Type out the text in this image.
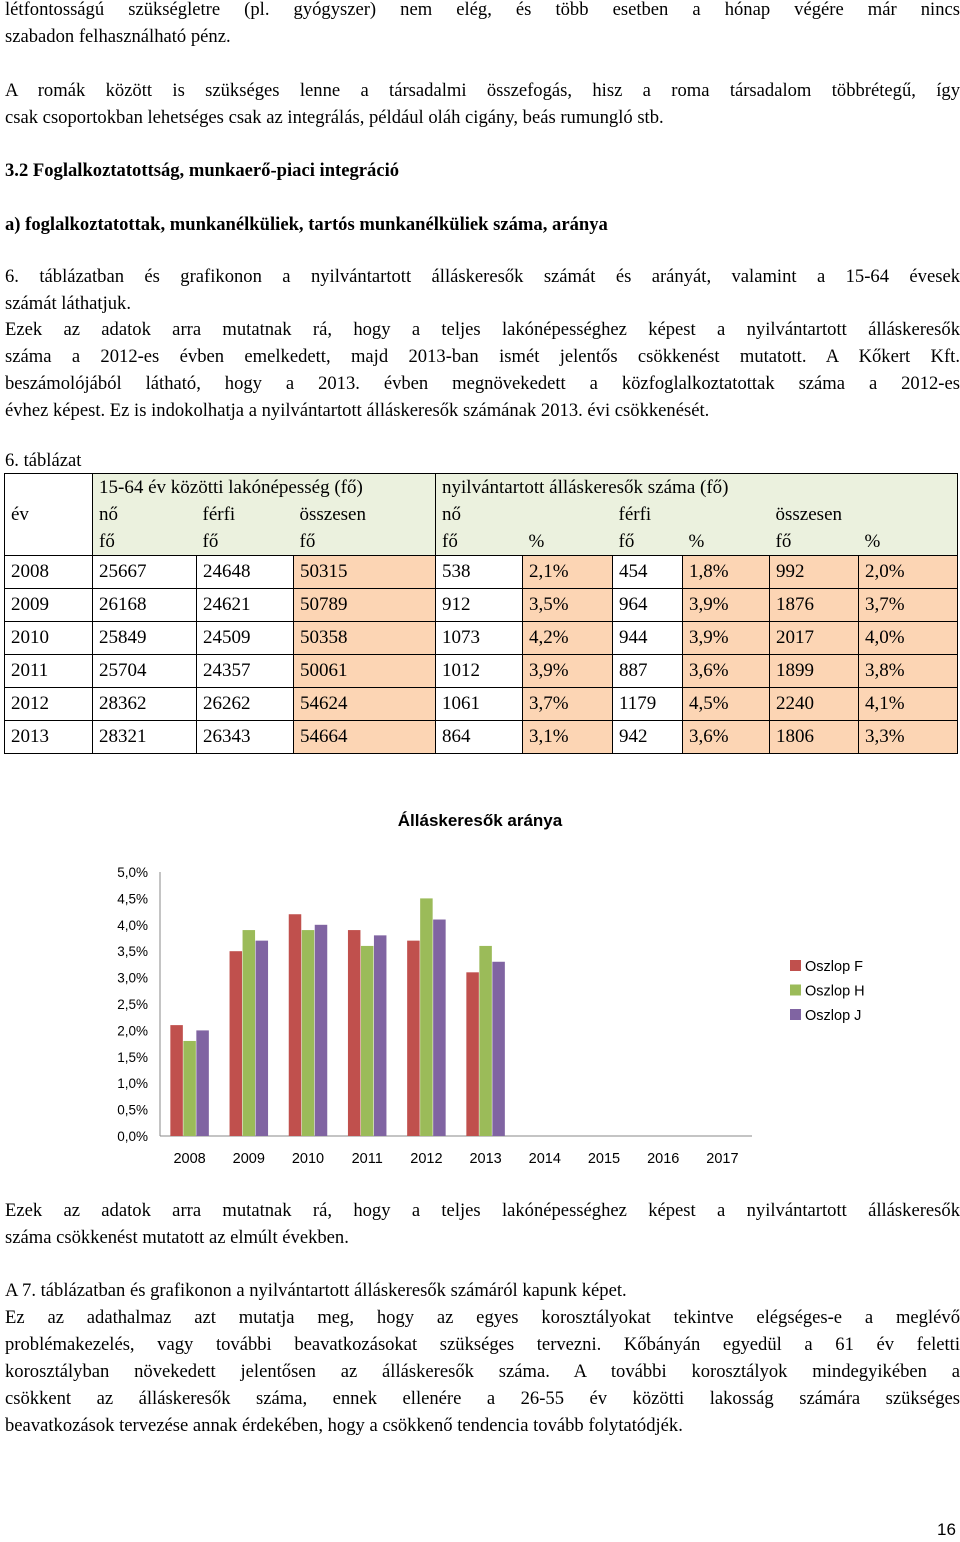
létfontosságú szükségletre (pl. gyógyszer) nem elég, és több esetben a hónap végére már nincs
szabadon felhasználható pénz.
A romák között is szükséges lenne a társadalmi összefogás, hisz a roma társadalom többrétegű, így
csak csoportokban lehetséges csak az integrálás, például oláh cigány, beás rumungló stb.
3.2 Foglalkoztatottság, munkaerő-piaci integráció
a) foglalkoztatottak, munkanélküliek, tartós munkanélküliek száma, aránya
6. táblázatban és grafikonon a nyilvántartott álláskeresők számát és arányát, valamint a 15-64 évesek
számát láthatjuk.
Ezek az adatok arra mutatnak rá, hogy a teljes lakónépességhez képest a nyilvántartott álláskeresők
száma a 2012-es évben emelkedett, majd 2013-ban ismét jelentős csökkenést mutatott. A Kőkert Kft.
beszámolójából látható, hogy a 2013. évben megnövekedett a közfoglalkoztatottak száma a 2012-es
évhez képest. Ez is indokolhatja a nyilvántartott álláskeresők számának 2013. évi csökkenését.
6. táblázat
év	15-64 év közötti lakónépesség (fő)			nyilvántartott álláskeresők száma (fő)					
	nő	férfi	összesen	nő		férfi		összesen	
	fő	fő	fő	fő	%	fő	%	fő	%
2008	25667	24648	50315	538	2,1%	454	1,8%	992	2,0%
2009	26168	24621	50789	912	3,5%	964	3,9%	1876	3,7%
2010	25849	24509	50358	1073	4,2%	944	3,9%	2017	4,0%
2011	25704	24357	50061	1012	3,9%	887	3,6%	1899	3,8%
2012	28362	26262	54624	1061	3,7%	1179	4,5%	2240	4,1%
2013	28321	26343	54664	864	3,1%	942	3,6%	1806	3,3%
Álláskeresők aránya
0,0%
0,5%
1,0%
1,5%
2,0%
2,5%
3,0%
3,5%
4,0%
4,5%
5,0%
2008 2009 2010 2011 2012 2013 2014 2015 2016 2017
Oszlop F
Oszlop H
Oszlop J
Ezek az adatok arra mutatnak rá, hogy a teljes lakónépességhez képest a nyilvántartott álláskeresők
száma csökkenést mutatott az elmúlt években.
A 7. táblázatban és grafikonon a nyilvántartott álláskeresők számáról kapunk képet.
Ez az adathalmaz azt mutatja meg, hogy az egyes korosztályokat tekintve elégséges-e a meglévő
problémakezelés, vagy további beavatkozásokat szükséges tervezni. Kőbányán egyedül a 61 év feletti
korosztályban növekedett jelentősen az álláskeresők száma. A további korosztályok mindegyikében a
csökkent az álláskeresők száma, ennek ellenére a 26-55 év közötti lakosság számára szükséges
beavatkozások tervezése annak érdekében, hogy a csökkenő tendencia tovább folytatódjék.
16
